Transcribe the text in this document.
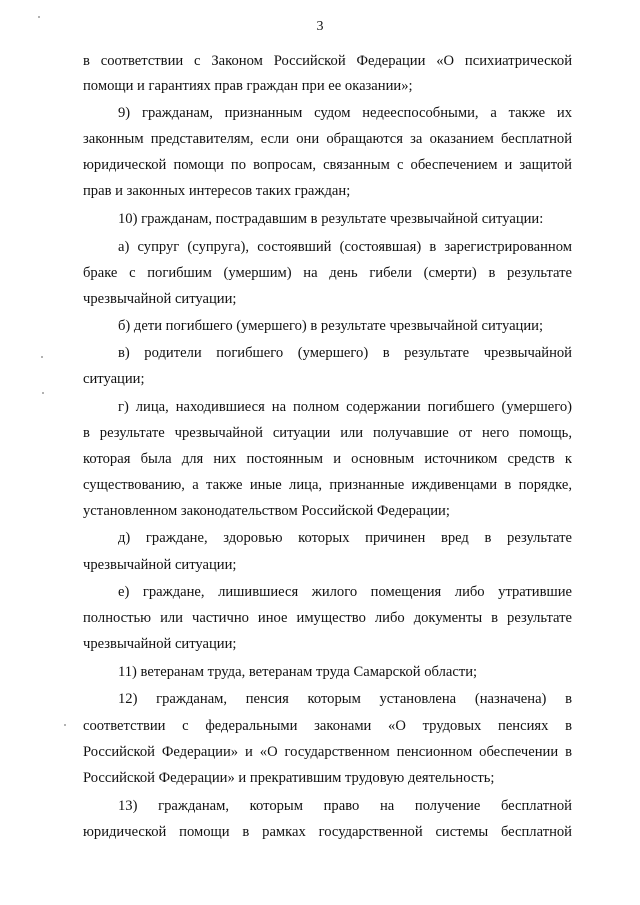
3
в соответствии с Законом Российской Федерации «О психиатрической
помощи и гарантиях прав граждан при ее оказании»;
9) гражданам, признанным судом недееспособными, а также их
законным представителям, если они обращаются за оказанием бесплатной
юридической помощи по вопросам, связанным с обеспечением и защитой
прав и законных интересов таких граждан;
10) гражданам, пострадавшим в результате чрезвычайной ситуации:
а) супруг (супруга), состоявший (состоявшая) в зарегистрированном
браке с погибшим (умершим) на день гибели (смерти) в результате
чрезвычайной ситуации;
б) дети погибшего (умершего) в результате чрезвычайной ситуации;
в) родители погибшего (умершего) в результате чрезвычайной
ситуации;
г) лица, находившиеся на полном содержании погибшего (умершего)
в результате чрезвычайной ситуации или получавшие от него помощь,
которая была для них постоянным и основным источником средств к
существованию, а также иные лица, признанные иждивенцами в порядке,
установленном законодательством Российской Федерации;
д) гражданe, здоровью которых причинен вред в результате
чрезвычайной ситуации;
е) граждане, лишившиеся жилого помещения либо утратившие
полностью или частично иное имущество либо документы в результате
чрезвычайной ситуации;
11) ветеранам труда, ветеранам труда Самарской области;
12) гражданам, пенсия которым установлена (назначена) в
соответствии с федеральными законами «О трудовых пенсиях в
Российской Федерации» и «О государственном пенсионном обеспечении в
Российской Федерации» и прекратившим трудовую деятельность;
13) гражданам, которым право на получение бесплатной
юридической помощи в рамках государственной системы бесплатной
